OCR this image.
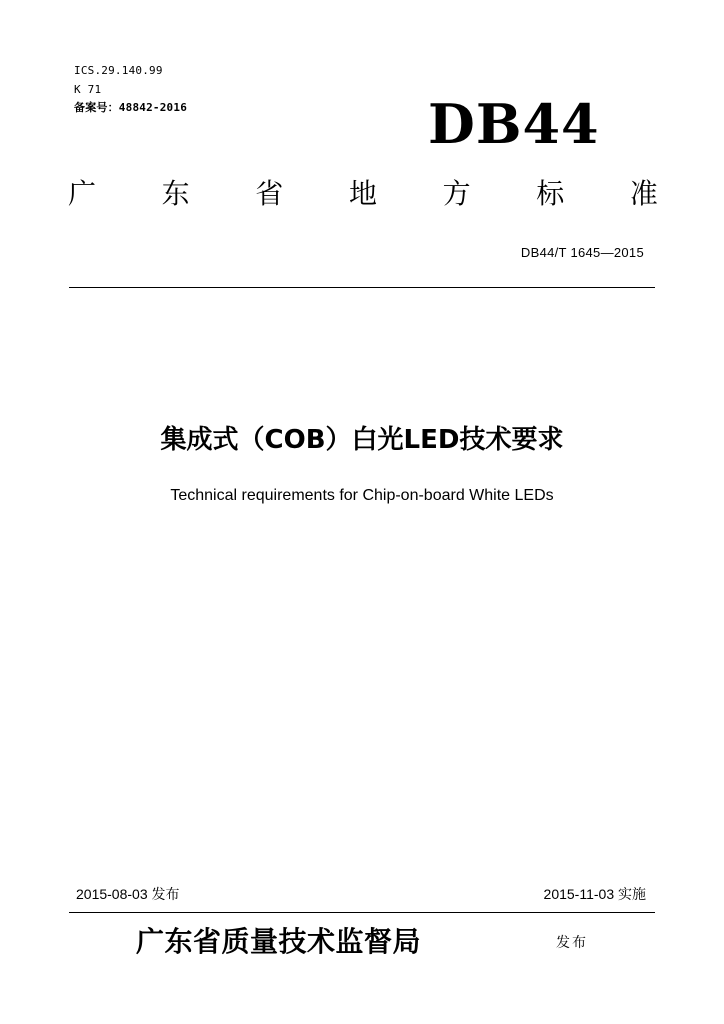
ICS.29.140.99
K 71
备案号：48842-2016	DB44
广 东 省 地 方 标 准
DB44/T 1645—2015
集成式（COB）白光LED技术要求
Technical requirements for Chip-on-board White LEDs
2015-08-03 发布	2015-11-03 实施
广东省质量技术监督局	发布
